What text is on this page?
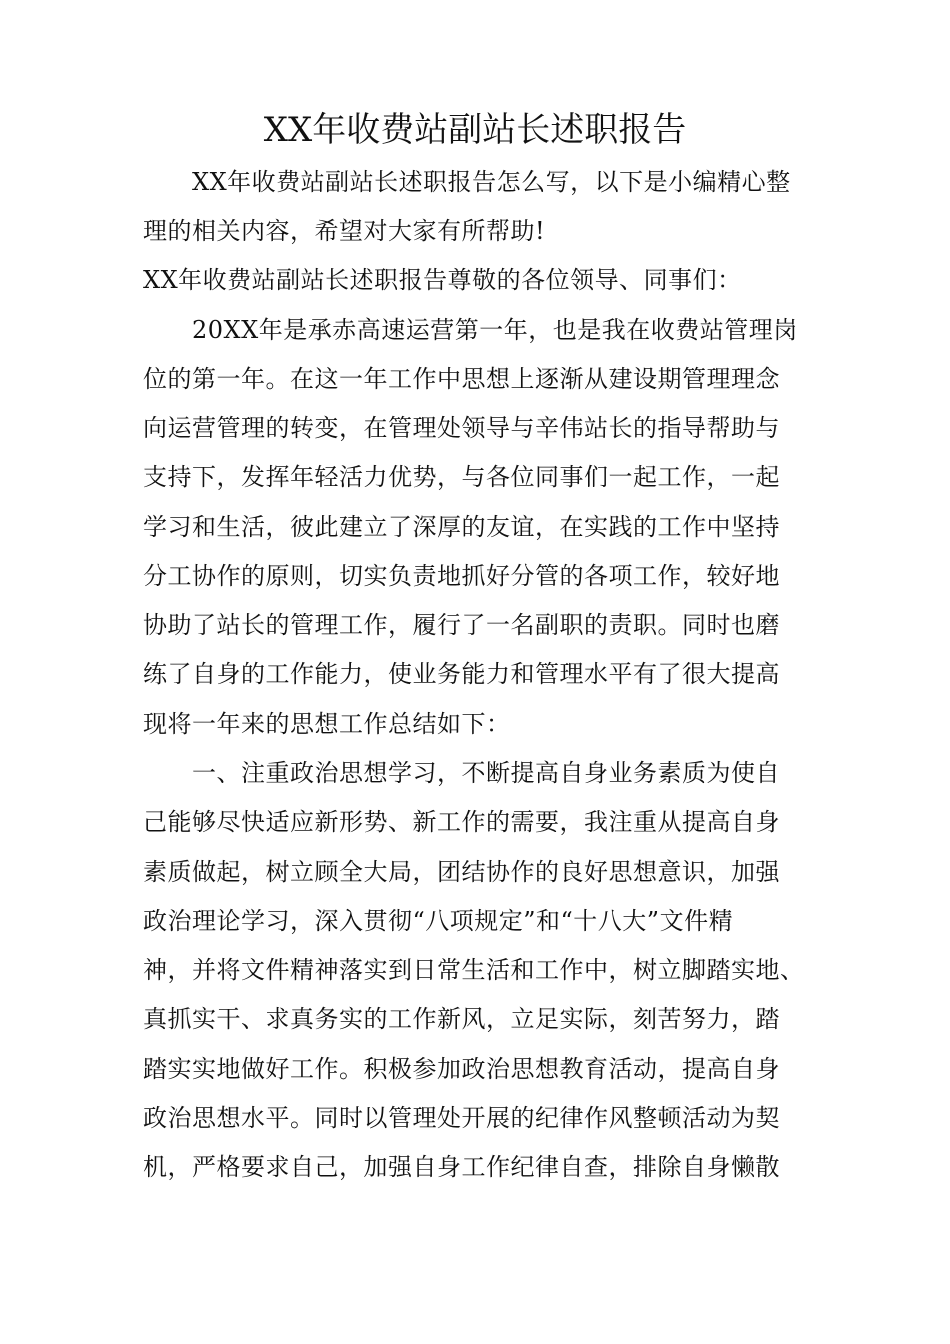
XX年收费站副站长述职报告
XX年收费站副站长述职报告怎么写，以下是小编精心整
理的相关内容，希望对大家有所帮助!
XX年收费站副站长述职报告尊敬的各位领导、同事们：
20XX年是承赤高速运营第一年，也是我在收费站管理岗
位的第一年。在这一年工作中思想上逐渐从建设期管理理念
向运营管理的转变，在管理处领导与辛伟站长的指导帮助与
支持下，发挥年轻活力优势，与各位同事们一起工作，一起
学习和生活，彼此建立了深厚的友谊，在实践的工作中坚持
分工协作的原则，切实负责地抓好分管的各项工作，较好地
协助了站长的管理工作，履行了一名副职的责职。同时也磨
练了自身的工作能力，使业务能力和管理水平有了很大提高
现将一年来的思想工作总结如下：
一、注重政治思想学习，不断提高自身业务素质为使自
己能够尽快适应新形势、新工作的需要，我注重从提高自身
素质做起，树立顾全大局，团结协作的良好思想意识，加强
政治理论学习，深入贯彻“八项规定”和“十八大”文件精
神，并将文件精神落实到日常生活和工作中，树立脚踏实地、
真抓实干、求真务实的工作新风，立足实际，刻苦努力，踏
踏实实地做好工作。积极参加政治思想教育活动，提高自身
政治思想水平。同时以管理处开展的纪律作风整顿活动为契
机，严格要求自己，加强自身工作纪律自查，排除自身懒散
